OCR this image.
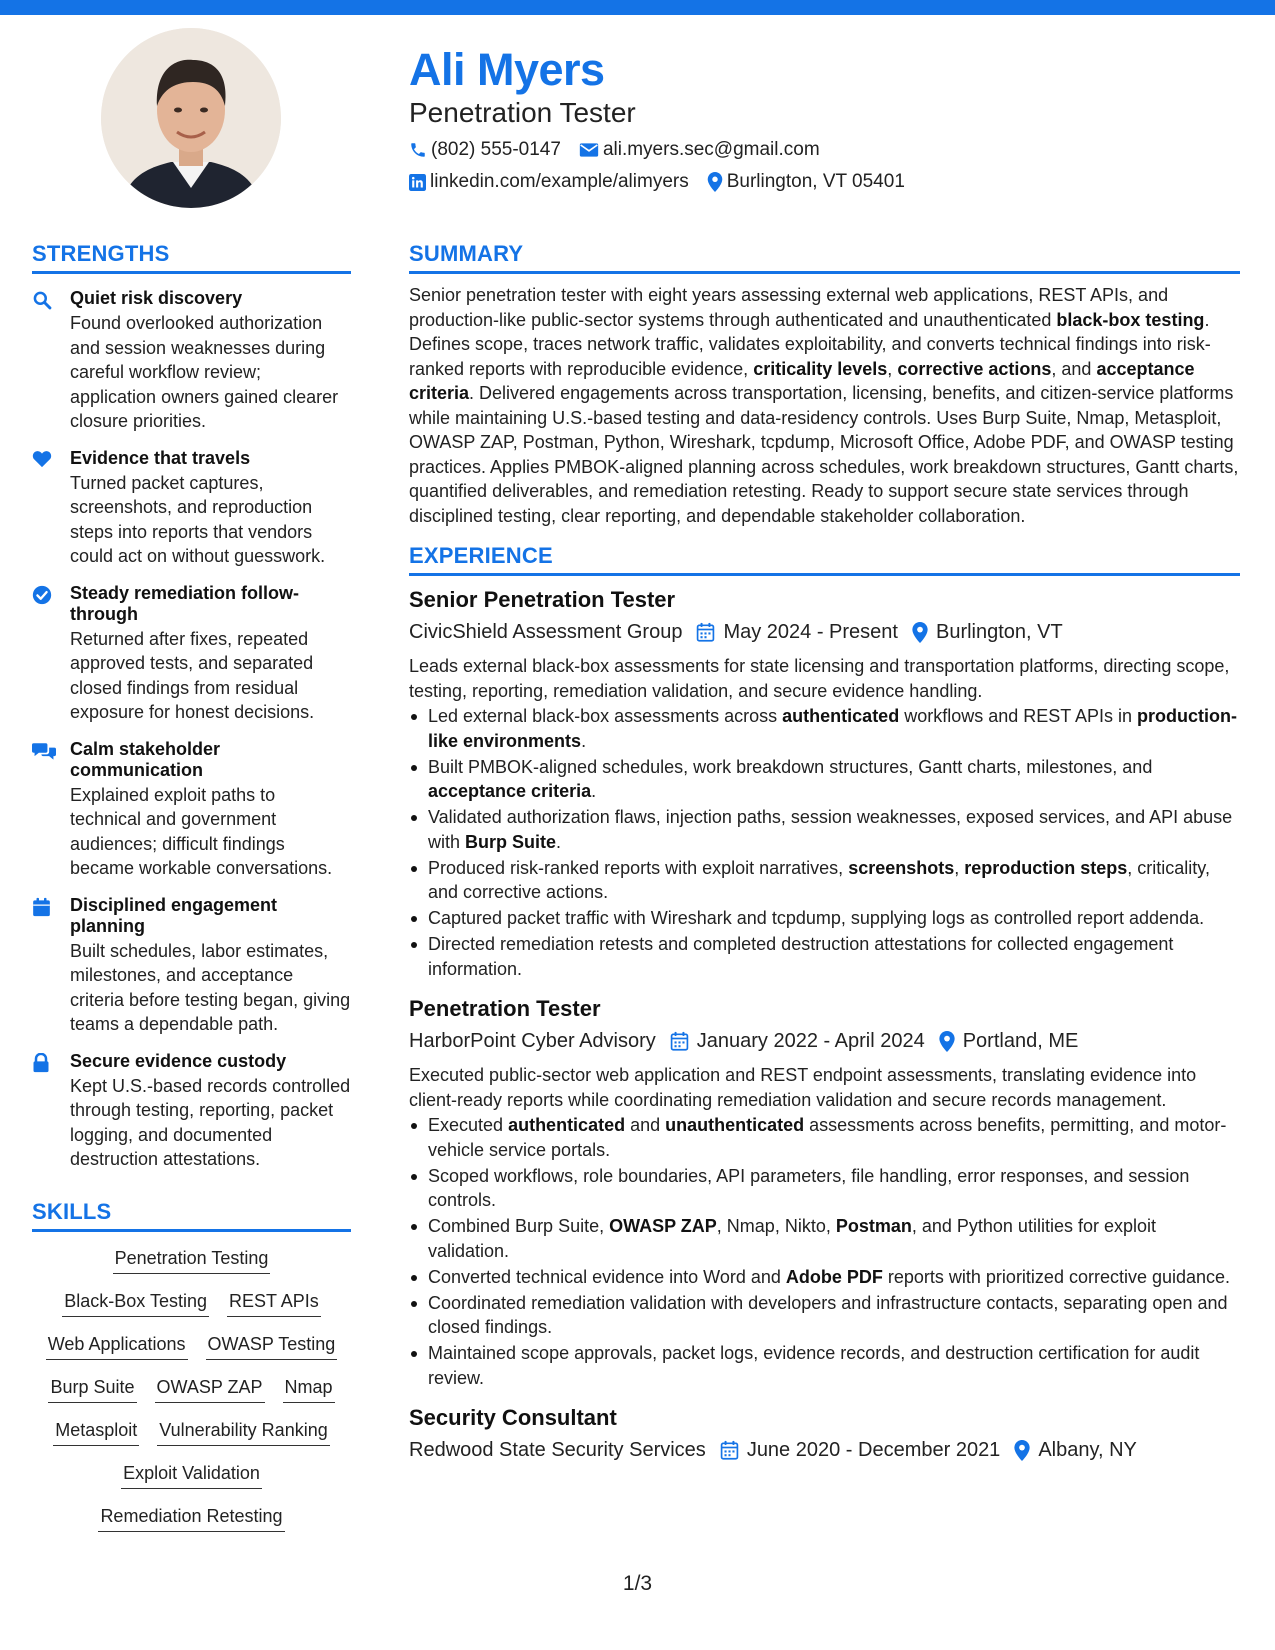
Ali Myers
Penetration Tester
(802) 555-0147 ali.myers.sec@gmail.com
linkedin.com/example/alimyers Burlington, VT 05401
STRENGTHS
Quiet risk discovery
Found overlooked authorization and session weaknesses during careful workflow review; application owners gained clearer closure priorities.
Evidence that travels
Turned packet captures, screenshots, and reproduction steps into reports that vendors could act on without guesswork.
Steady remediation follow-through
Returned after fixes, repeated approved tests, and separated closed findings from residual exposure for honest decisions.
Calm stakeholder communication
Explained exploit paths to technical and government audiences; difficult findings became workable conversations.
Disciplined engagement planning
Built schedules, labor estimates, milestones, and acceptance criteria before testing began, giving teams a dependable path.
Secure evidence custody
Kept U.S.-based records controlled through testing, reporting, packet logging, and documented destruction attestations.
SKILLS
Penetration Testing
Black-Box Testing REST APIs
Web Applications OWASP Testing
Burp Suite OWASP ZAP Nmap
Metasploit Vulnerability Ranking
Exploit Validation
Remediation Retesting
SUMMARY
Senior penetration tester with eight years assessing external web applications, REST APIs, and production-like public-sector systems through authenticated and unauthenticated black-box testing. Defines scope, traces network traffic, validates exploitability, and converts technical findings into risk-ranked reports with reproducible evidence, criticality levels, corrective actions, and acceptance criteria. Delivered engagements across transportation, licensing, benefits, and citizen-service platforms while maintaining U.S.-based testing and data-residency controls. Uses Burp Suite, Nmap, Metasploit, OWASP ZAP, Postman, Python, Wireshark, tcpdump, Microsoft Office, Adobe PDF, and OWASP testing practices. Applies PMBOK-aligned planning across schedules, work breakdown structures, Gantt charts, quantified deliverables, and remediation retesting. Ready to support secure state services through disciplined testing, clear reporting, and dependable stakeholder collaboration.
EXPERIENCE
Senior Penetration Tester
CivicShield Assessment Group May 2024 - Present Burlington, VT
Leads external black-box assessments for state licensing and transportation platforms, directing scope, testing, reporting, remediation validation, and secure evidence handling.
Led external black-box assessments across authenticated workflows and REST APIs in production-like environments.
Built PMBOK-aligned schedules, work breakdown structures, Gantt charts, milestones, and acceptance criteria.
Validated authorization flaws, injection paths, session weaknesses, exposed services, and API abuse with Burp Suite.
Produced risk-ranked reports with exploit narratives, screenshots, reproduction steps, criticality, and corrective actions.
Captured packet traffic with Wireshark and tcpdump, supplying logs as controlled report addenda.
Directed remediation retests and completed destruction attestations for collected engagement information.
Penetration Tester
HarborPoint Cyber Advisory January 2022 - April 2024 Portland, ME
Executed public-sector web application and REST endpoint assessments, translating evidence into client-ready reports while coordinating remediation validation and secure records management.
Executed authenticated and unauthenticated assessments across benefits, permitting, and motor-vehicle service portals.
Scoped workflows, role boundaries, API parameters, file handling, error responses, and session controls.
Combined Burp Suite, OWASP ZAP, Nmap, Nikto, Postman, and Python utilities for exploit validation.
Converted technical evidence into Word and Adobe PDF reports with prioritized corrective guidance.
Coordinated remediation validation with developers and infrastructure contacts, separating open and closed findings.
Maintained scope approvals, packet logs, evidence records, and destruction certification for audit review.
Security Consultant
Redwood State Security Services June 2020 - December 2021 Albany, NY
1/3
